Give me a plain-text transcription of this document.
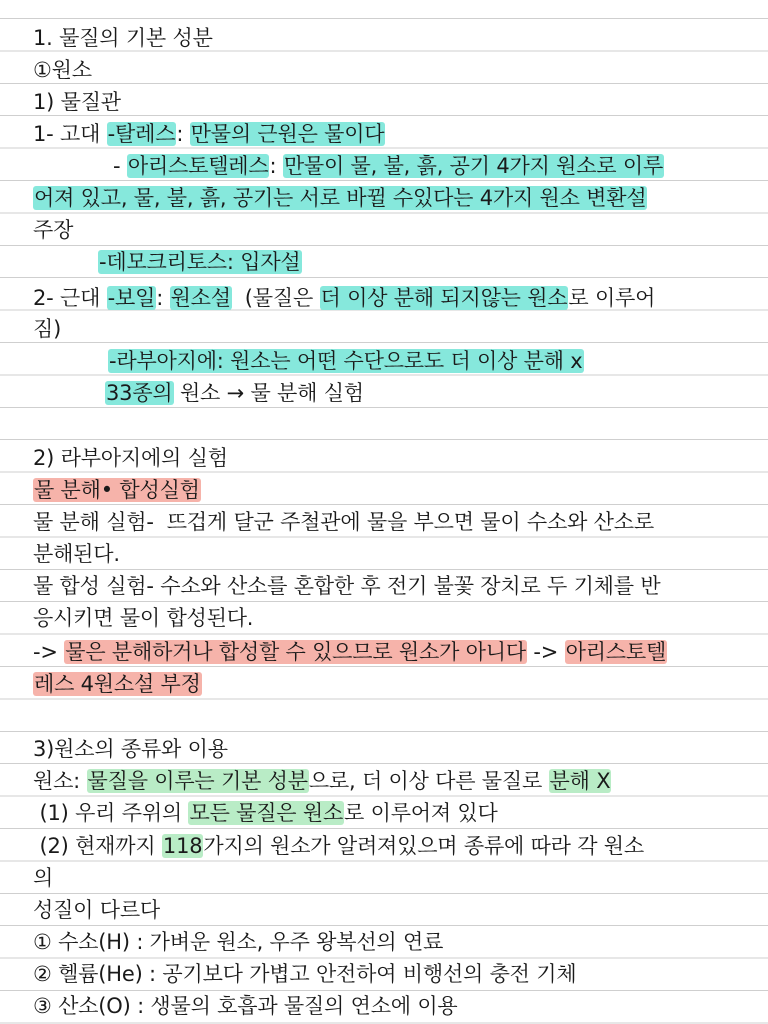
1. 물질의 기본 성분
①원소
1) 물질관
1- 고대 -탈레스: 만물의 근원은 물이다
- 아리스토텔레스: 만물이 물, 불, 흙, 공기 4가지 원소로 이루
어져 있고, 물, 불, 흙, 공기는 서로 바뀔 수있다는 4가지 원소 변환설
주장
-데모크리토스: 입자설
2- 근대 -보일: 원소설  (물질은 더 이상 분해 되지않는 원소로 이루어
짐)
-라부아지에: 원소는 어떤 수단으로도 더 이상 분해 x
33종의 원소 → 물 분해 실험
2) 라부아지에의 실험
물 분해• 합성실험
물 분해 실험-  뜨겁게 달군 주철관에 물을 부으면 물이 수소와 산소로
분해된다.
물 합성 실험- 수소와 산소를 혼합한 후 전기 불꽃 장치로 두 기체를 반
응시키면 물이 합성된다.
-> 물은 분해하거나 합성할 수 있으므로 원소가 아니다 -> 아리스토텔
레스 4원소설 부정
3)원소의 종류와 이용
원소: 물질을 이루는 기본 성분으로, 더 이상 다른 물질로 분해 X
(1) 우리 주위의 모든 물질은 원소로 이루어져 있다
(2) 현재까지 118가지의 원소가 알려져있으며 종류에 따라 각 원소
의
성질이 다르다
① 수소(H) : 가벼운 원소, 우주 왕복선의 연료
② 헬륨(He) : 공기보다 가볍고 안전하여 비행선의 충전 기체
③ 산소(O) : 생물의 호흡과 물질의 연소에 이용
